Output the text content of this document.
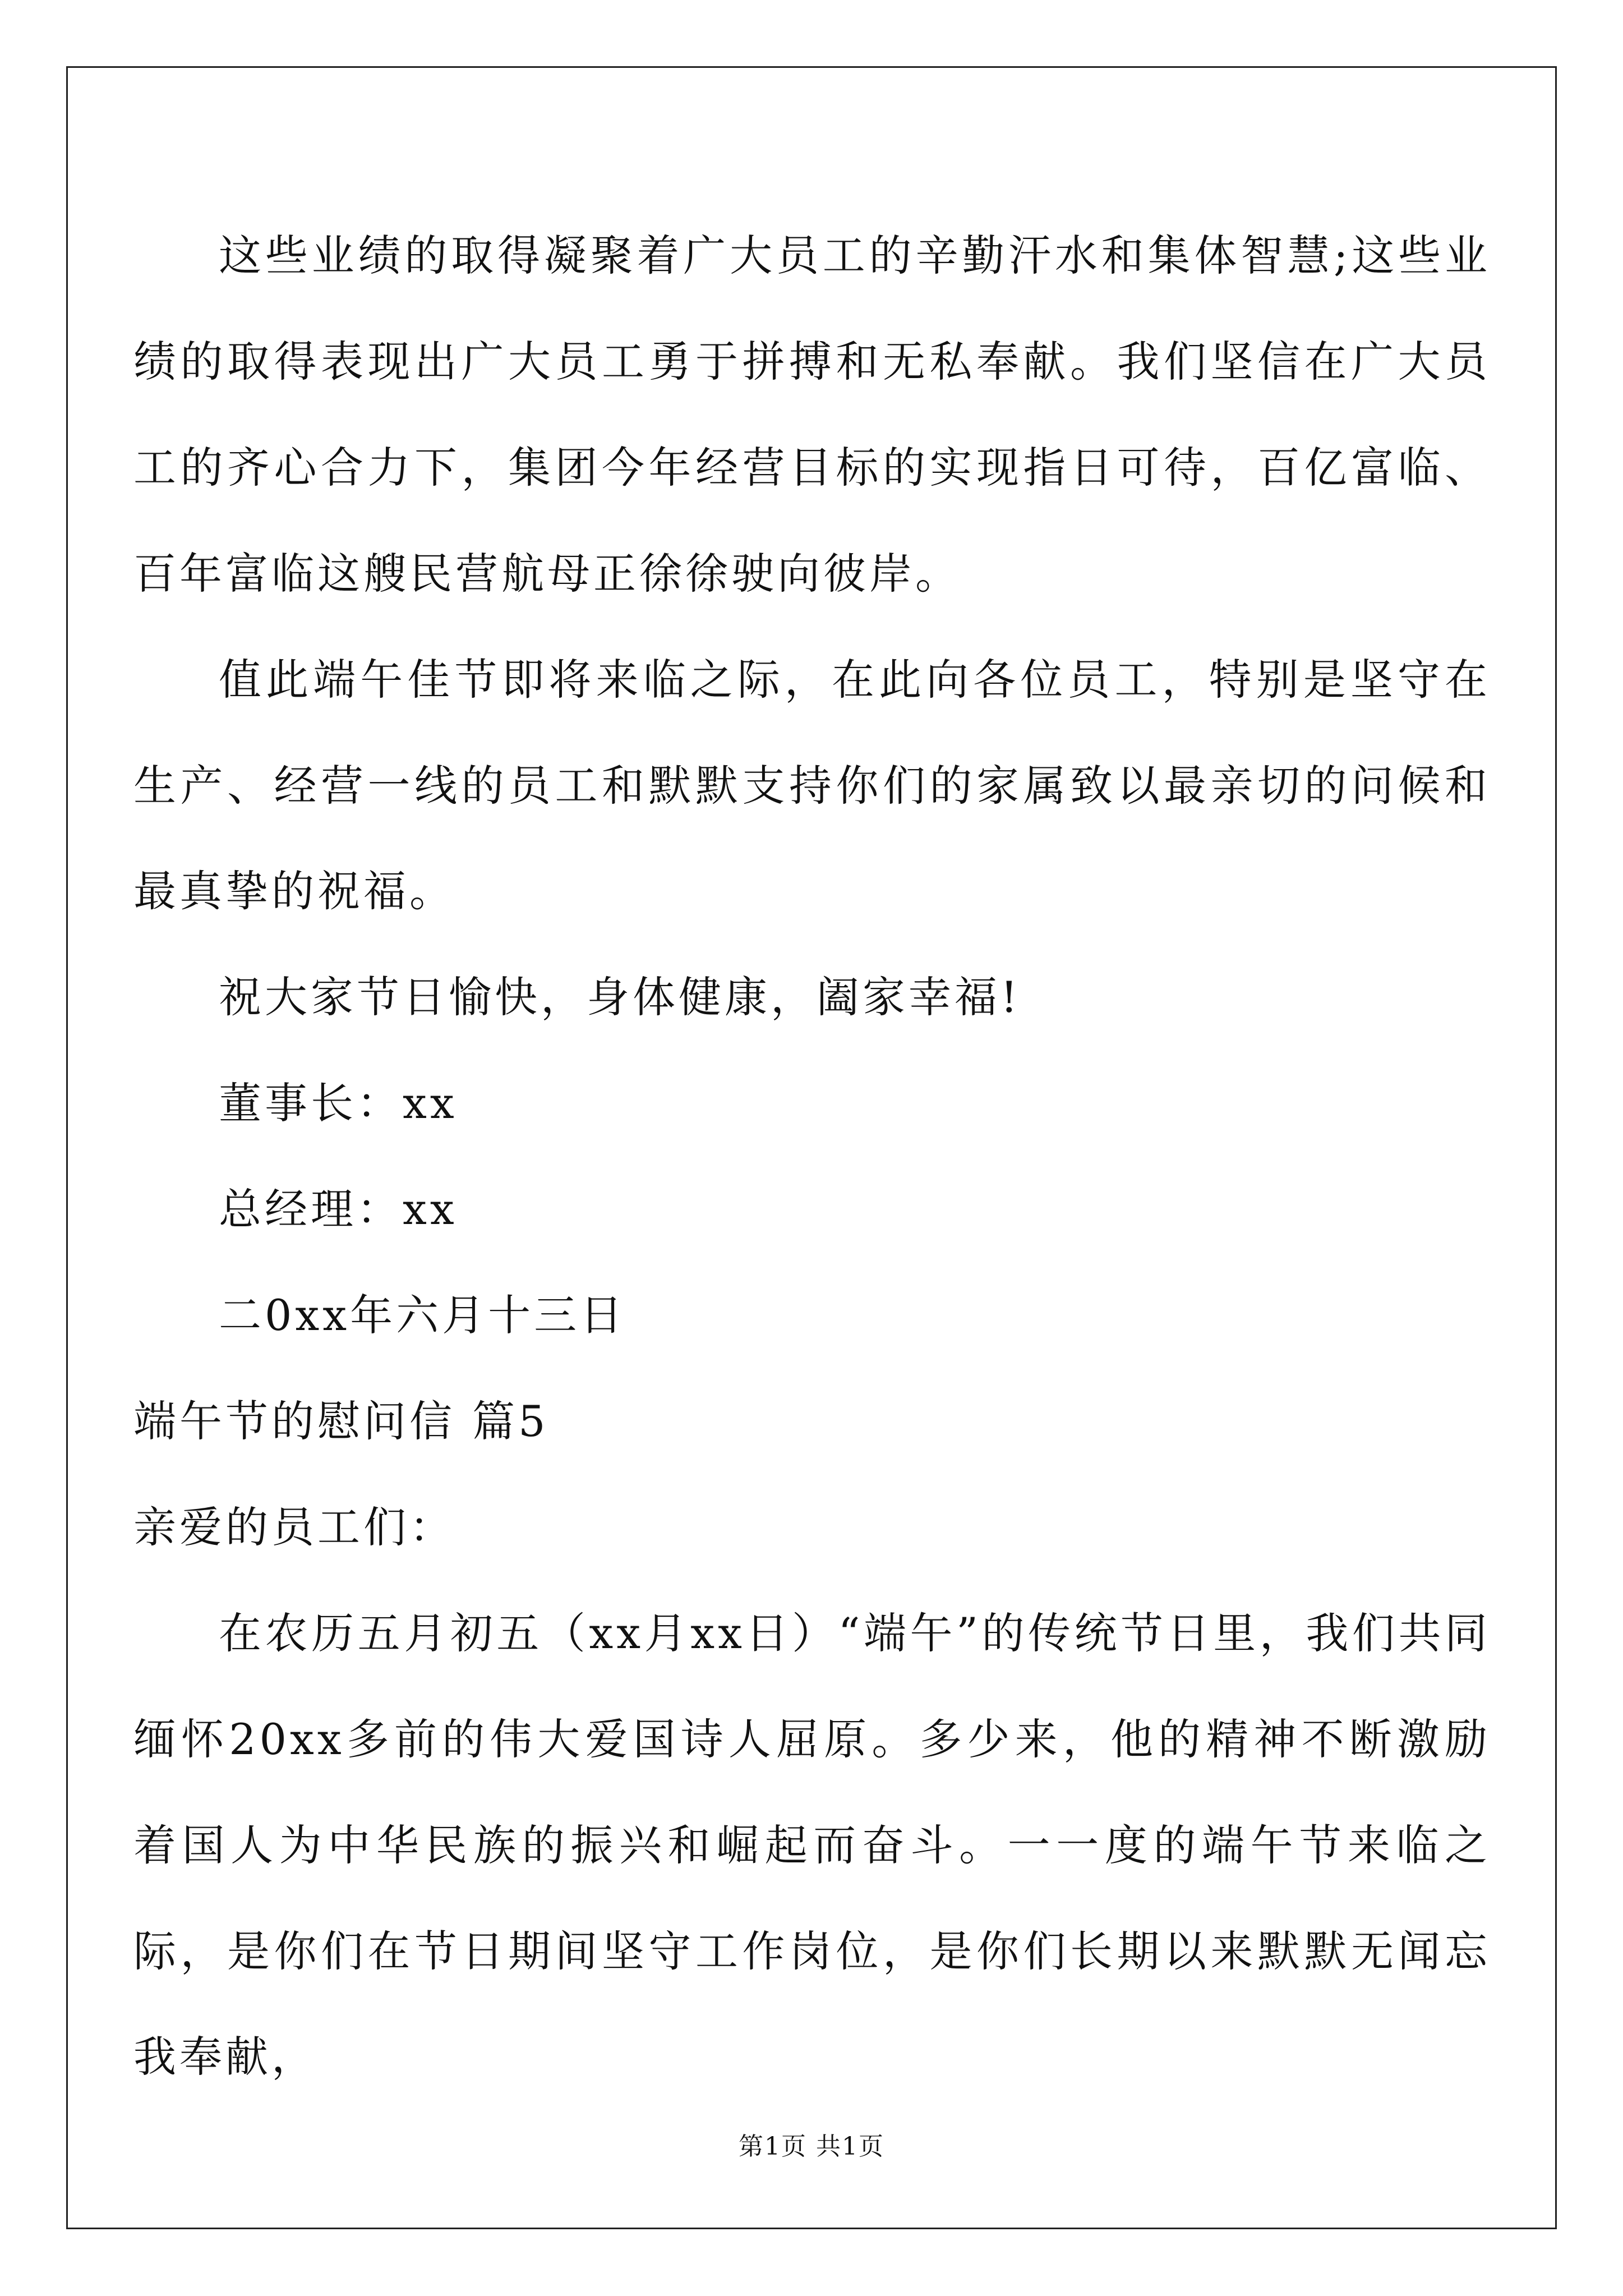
这些业绩的取得凝聚着广大员工的辛勤汗水和集体智慧;这些业绩的取得表现出广大员工勇于拼搏和无私奉献。我们坚信在广大员工的齐心合力下，集团今年经营目标的实现指日可待，百亿富临、百年富临这艘民营航母正徐徐驶向彼岸。

值此端午佳节即将来临之际，在此向各位员工，特别是坚守在生产、经营一线的员工和默默支持你们的家属致以最亲切的问候和最真挚的祝福。

祝大家节日愉快，身体健康，阖家幸福!

董事长：xx

总经理：xx

二0xx年六月十三日

端午节的慰问信 篇5

亲爱的员工们：

在农历五月初五（xx月xx日）“端午”的传统节日里，我们共同缅怀20xx多前的伟大爱国诗人屈原。多少来，他的精神不断激励着国人为中华民族的振兴和崛起而奋斗。一一度的端午节来临之际，是你们在节日期间坚守工作岗位，是你们长期以来默默无闻忘我奉献，

第1页 共1页
